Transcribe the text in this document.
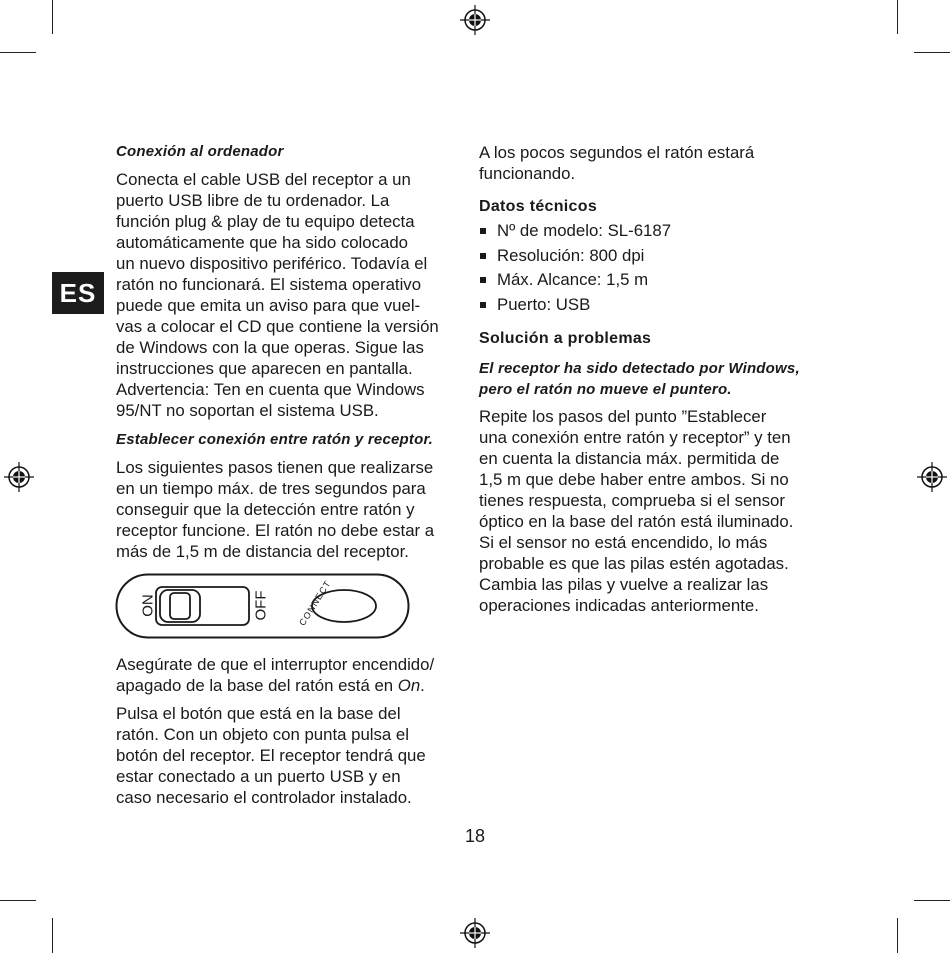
ES

Conexión al ordenador

Conecta el cable USB del receptor a un
puerto USB libre de tu ordenador. La
función plug & play de tu equipo detecta
automáticamente que ha sido colocado
un nuevo dispositivo periférico. Todavía el
ratón no funcionará. El sistema operativo
puede que emita un aviso para que vuel-
vas a colocar el CD que contiene la versión
de Windows con la que operas. Sigue las
instrucciones que aparecen en pantalla.
Advertencia: Ten en cuenta que Windows
95/NT no soportan el sistema USB.

Establecer conexión entre ratón y receptor.

Los siguientes pasos tienen que realizarse
en un tiempo máx. de tres segundos para
conseguir que la detección entre ratón y
receptor funcione. El ratón no debe estar a
más de 1,5 m de distancia del receptor.

ON	OFF	CONNECT

Asegúrate de que el interruptor encendido/
apagado de la base del ratón está en On.

Pulsa el botón que está en la base del
ratón. Con un objeto con punta pulsa el
botón del receptor. El receptor tendrá que
estar conectado a un puerto USB y en
caso necesario el controlador instalado.

A los pocos segundos el ratón estará
funcionando.

Datos técnicos

Nº de modelo: SL-6187
Resolución: 800 dpi
Máx. Alcance: 1,5 m
Puerto: USB

Solución a problemas

El receptor ha sido detectado por Windows,
pero el ratón no mueve el puntero.

Repite los pasos del punto ”Establecer
una conexión entre ratón y receptor” y ten
en cuenta la distancia máx. permitida de
1,5 m que debe haber entre ambos. Si no
tienes respuesta, comprueba si el sensor
óptico en la base del ratón está iluminado.
Si el sensor no está encendido, lo más
probable es que las pilas estén agotadas.
Cambia las pilas y vuelve a realizar las
operaciones indicadas anteriormente.

18
